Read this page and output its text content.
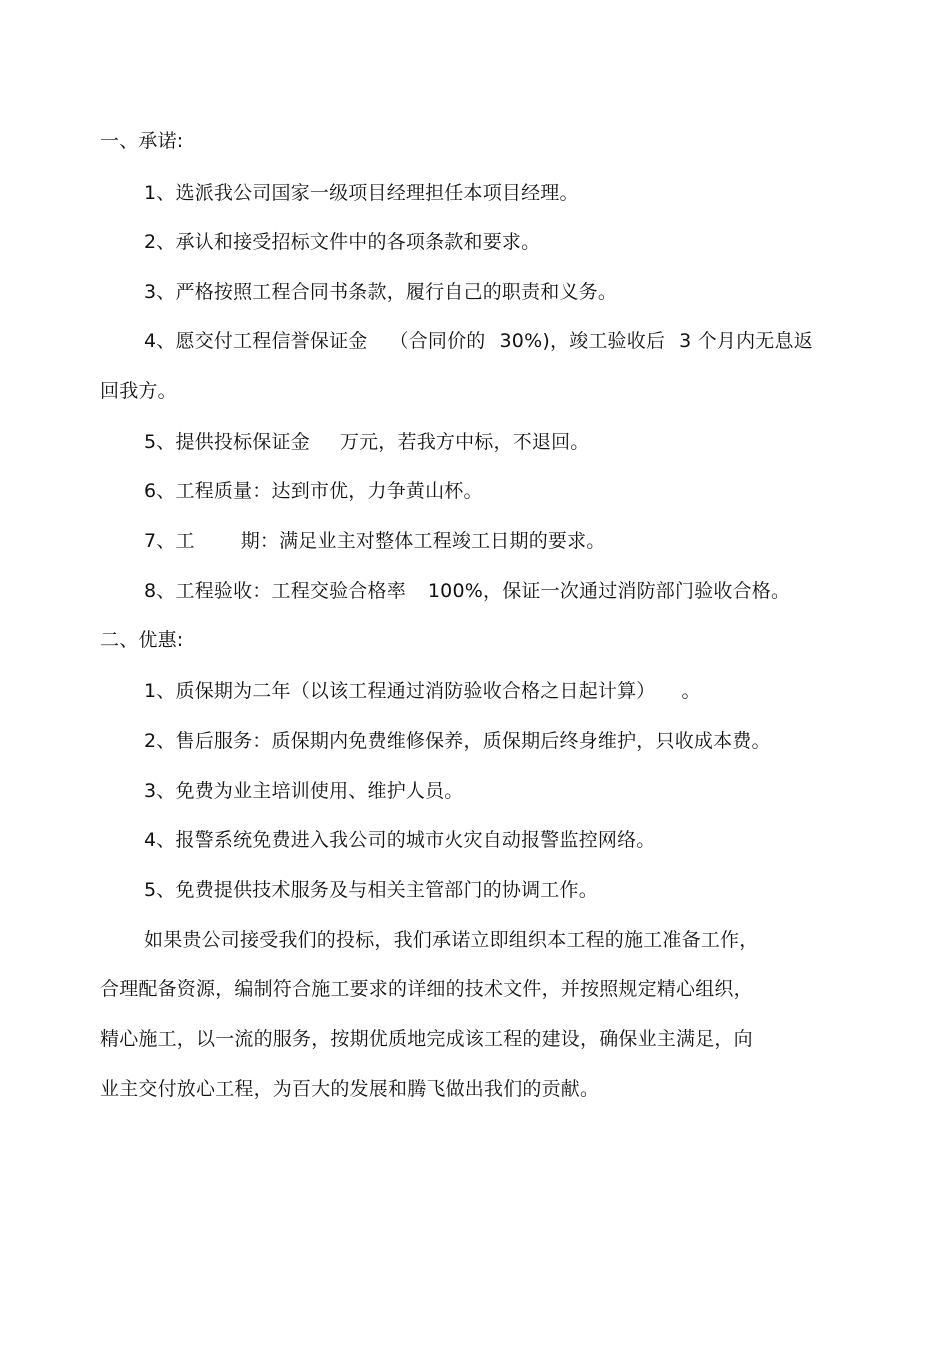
一、承诺:
1、选派我公司国家一级项目经理担任本项目经理。
2、承认和接受招标文件中的各项条款和要求。
3、严格按照工程合同书条款，履行自己的职责和义务。
4、愿交付工程信誉保证金 （合同价的 30%)，竣工验收后 3 个月内无息返
回我方。
5、提供投标保证金 万元，若我方中标，不退回。
6、工程质量：达到市优，力争黄山杯。
7、工 期：满足业主对整体工程竣工日期的要求。
8、工程验收：工程交验合格率 100%，保证一次通过消防部门验收合格。
二、优惠:
1、质保期为二年（以该工程通过消防验收合格之日起计算） 。
2、售后服务：质保期内免费维修保养，质保期后终身维护，只收成本费。
3、免费为业主培训使用、维护人员。
4、报警系统免费进入我公司的城市火灾自动报警监控网络。
5、免费提供技术服务及与相关主管部门的协调工作。
如果贵公司接受我们的投标，我们承诺立即组织本工程的施工准备工作，
合理配备资源，编制符合施工要求的详细的技术文件，并按照规定精心组织，
精心施工，以一流的服务，按期优质地完成该工程的建设，确保业主满足，向
业主交付放心工程，为百大的发展和腾飞做出我们的贡献。
